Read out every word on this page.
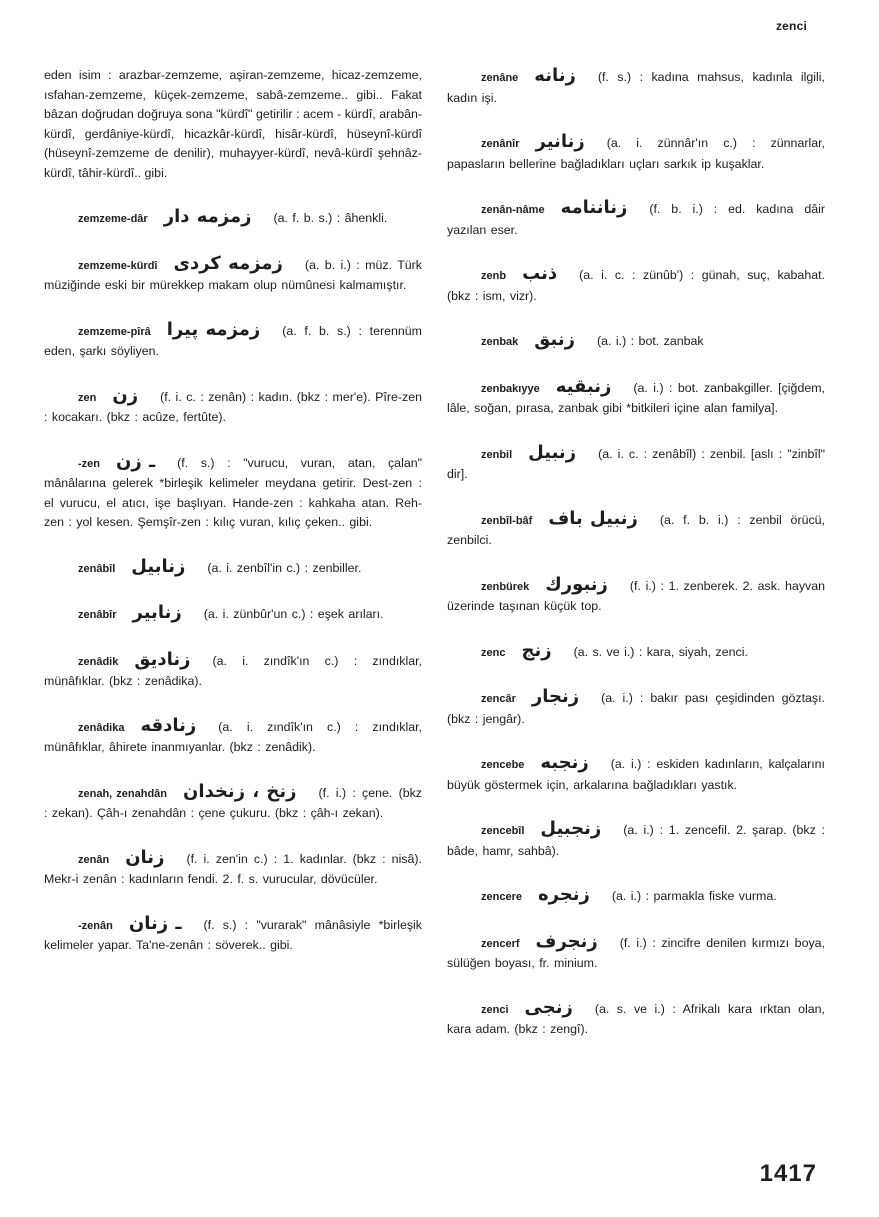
zenci

eden isim : arazbar-zemzeme, aşiran-zemzeme, hicaz-zemzeme, ısfahan-zemzeme, küçek-zemzeme, sabâ-zemzeme.. gibi.. Fakat bâzan doğrudan doğruya sona "kürdî" getirilir : acem - kürdî, arabân-kürdî, gerdâniye-kürdî, hicazkâr-kürdî, hisâr-kürdî, hüseynî-kürdî (hüseynî-zemzeme de denilir), muhayyer-kürdî, nevâ-kürdî şehnâz-kürdî, tâhir-kürdî.. gibi.

zemzeme-dâr زمزمه دار (a. f. b. s.) : âhenkli.

zemzeme-kürdî زمزمه كردى (a. b. i.) : müz. Türk müziğinde eski bir mürekkep makam olup nümûnesi kalmamıştır.

zemzeme-pîrâ زمزمه پيرا (a. f. b. s.) : terennüm eden, şarkı söyliyen.

zen زن (f. i. c. : zenân) : kadın. (bkz : mer'e). Pîre-zen : kocakarı. (bkz : acûze, fertûte).

-zen ـ زن (f. s.) : "vurucu, vuran, atan, çalan" mânâlarına gelerek *birleşik kelimeler meydana getirir. Dest-zen : el vurucu, el atıcı, işe başlıyan. Hande-zen : kahkaha atan. Reh-zen : yol kesen. Şemşîr-zen : kılıç vuran, kılıç çeken.. gibi.

zenâbîl زنابيل (a. i. zenbîl'in c.) : zenbiller.

zenâbîr زنابير (a. i. zünbûr'un c.) : eşek arıları.

zenâdik زناديق (a. i. zındîk'ın c.) : zındıklar, münâfıklar. (bkz : zenâdika).

zenâdika زنادقه (a. i. zındîk'ın c.) : zındıklar, münâfıklar, âhirete inanmıyanlar. (bkz : zenâdik).

zenah, zenahdân زنخ ، زنخدان (f. i.) : çene. (bkz : zekan). Çâh-ı zenahdân : çene çukuru. (bkz : çâh-ı zekan).

zenân زنان (f. i. zen'in c.) : 1. kadınlar. (bkz : nisâ). Mekr-i zenân : kadınların fendi. 2. f. s. vurucular, dövücüler.

-zenân ـ زنان (f. s.) : "vurarak" mânâsiyle *birleşik kelimeler yapar. Ta'ne-zenân : söverek.. gibi.

zenâne زنانه (f. s.) : kadına mahsus, kadınla ilgili, kadın işi.

zenânîr زنانير (a. i. zünnâr'ın c.) : zünnarlar, papasların bellerine bağladıkları uçları sarkık ip kuşaklar.

zenân-nâme زناننامه (f. b. i.) : ed. kadına dâir yazılan eser.

zenb ذنب (a. i. c. : zünûb') : günah, suç, kabahat. (bkz : ism, vizr).

zenbak زنبق (a. i.) : bot. zanbak

zenbakıyye زنبقيه (a. i.) : bot. zanbakgiller. [çiğdem, lâle, soğan, pırasa, zanbak gibi *bitkileri içine alan familya].

zenbil زنبيل (a. i. c. : zenâbîl) : zenbil. [aslı : "zinbîl" dir].

zenbîl-bâf زنبيل باف (a. f. b. i.) : zenbil örücü, zenbilci.

zenbürek زنبورك (f. i.) : 1. zenberek. 2. ask. hayvan üzerinde taşınan küçük top.

zenc زنج (a. s. ve i.) : kara, siyah, zenci.

zencâr زنجار (a. i.) : bakır pası çeşidinden göztaşı. (bkz : jengâr).

zencebe زنجبه (a. i.) : eskiden kadınların, kalçalarını büyük göstermek için, arkalarına bağladıkları yastık.

zencebîl زنجبيل (a. i.) : 1. zencefil. 2. şarap. (bkz : bâde, hamr, sahbâ).

zencere زنجره (a. i.) : parmakla fiske vurma.

zencerf زنجرف (f. i.) : zincifre denilen kırmızı boya, sülüğen boyası, fr. minium.

zenci زنجى (a. s. ve i.) : Afrikalı kara ırktan olan, kara adam. (bkz : zengî).

1417
